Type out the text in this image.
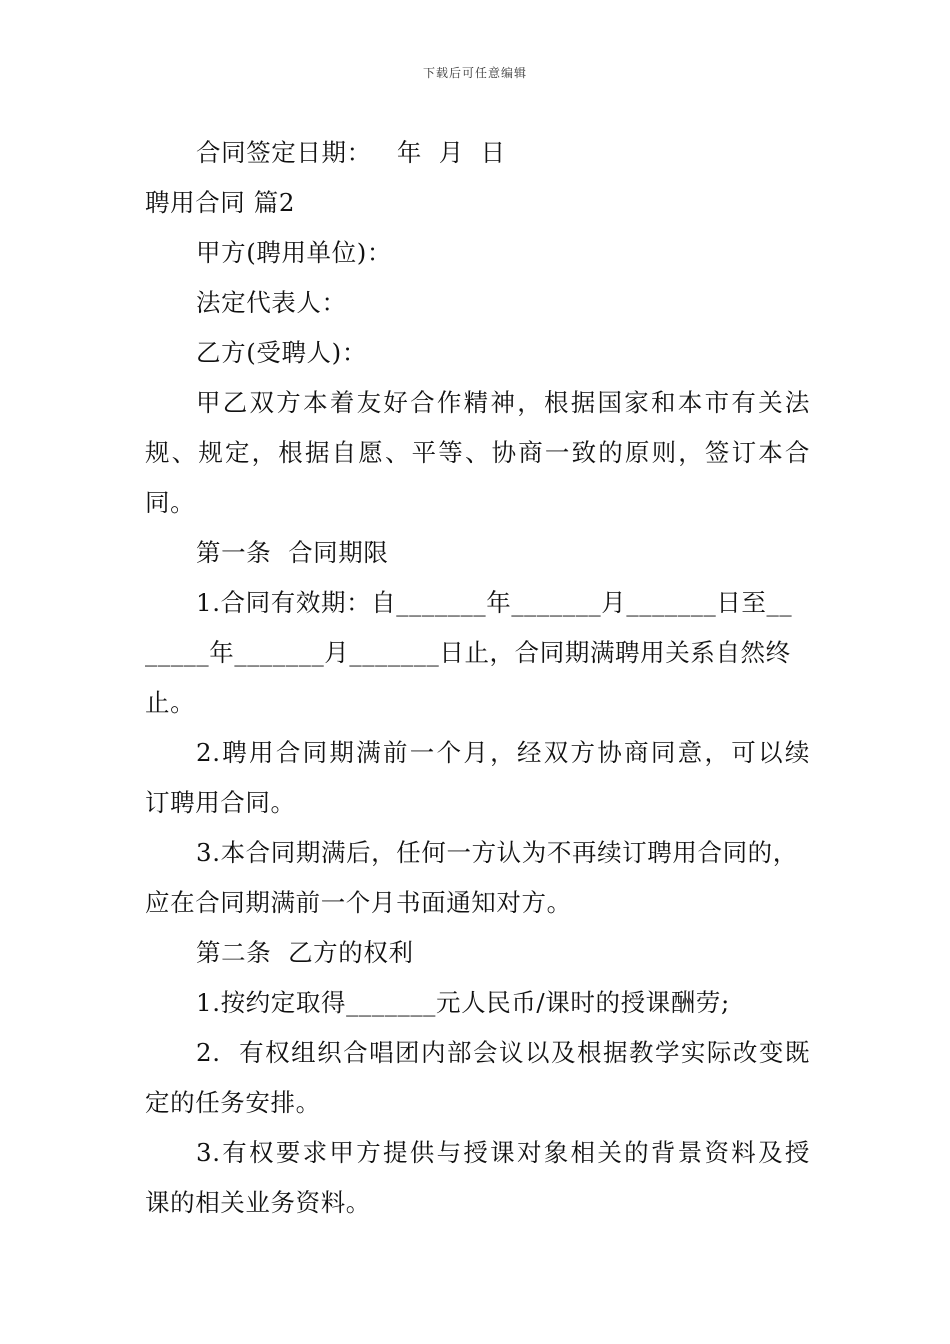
下载后可任意编辑
合同签定日期：   年  月  日
聘用合同 篇2
甲方(聘用单位)：
法定代表人：
乙方(受聘人)：
甲乙双方本着友好合作精神，根据国家和本市有关法
规、规定，根据自愿、平等、协商一致的原则，签订本合
同。
第一条  合同期限
1.合同有效期：自_______年_______月_______日至__
_____年_______月_______日止，合同期满聘用关系自然终
止。
2.聘用合同期满前一个月，经双方协商同意，可以续
订聘用合同。
3.本合同期满后，任何一方认为不再续订聘用合同的，
应在合同期满前一个月书面通知对方。
第二条  乙方的权利
1.按约定取得_______元人民币/课时的授课酬劳;
2.  有权组织合唱团内部会议以及根据教学实际改变既
定的任务安排。
3.有权要求甲方提供与授课对象相关的背景资料及授
课的相关业务资料。
